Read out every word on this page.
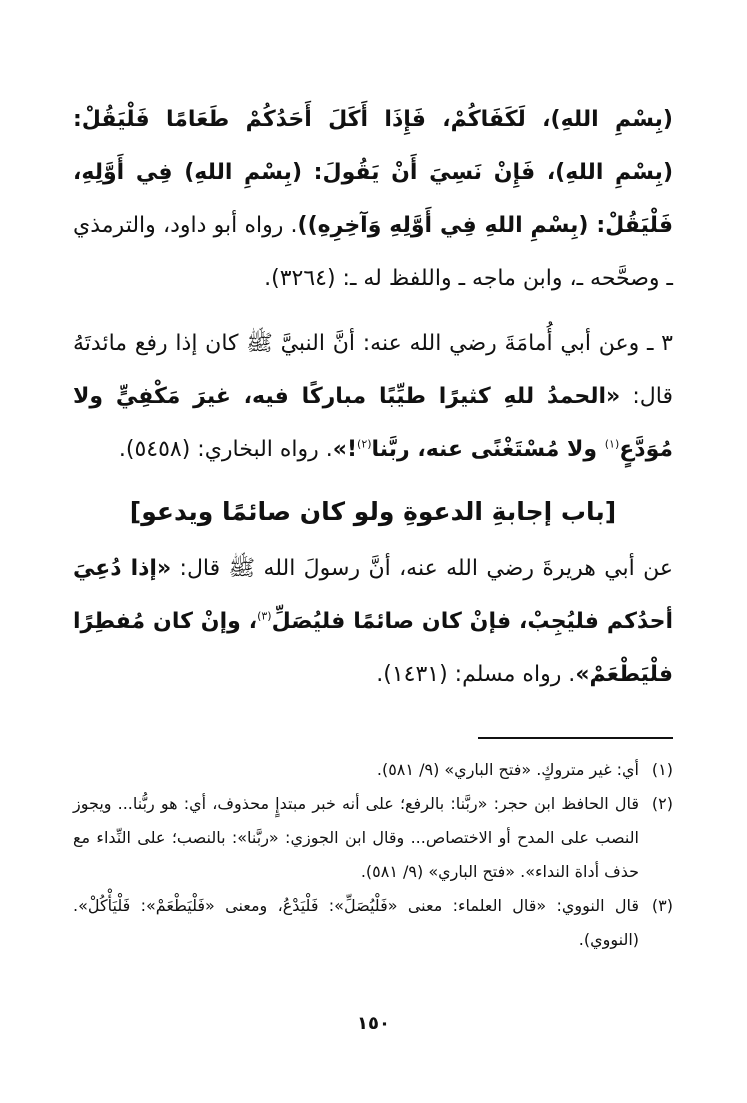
(بِسْمِ اللهِ)، لَكَفَاكُمْ، فَإِذَا أَكَلَ أَحَدُكُمْ طَعَامًا فَلْيَقُلْ: (بِسْمِ اللهِ)، فَإِنْ نَسِيَ أَنْ يَقُولَ: (بِسْمِ اللهِ) فِي أَوَّلِهِ، فَلْيَقُلْ: (بِسْمِ اللهِ فِي أَوَّلِهِ وَآخِرِهِ)). رواه أبو داود، والترمذي ـ وصحَّحه ـ، وابن ماجه ـ واللفظ له ـ: (٣٢٦٤).

٣ ـ وعن أبي أُمامَةَ رضي الله عنه: أنَّ النبيَّ ﷺ كان إذا رفع مائدتَهُ قال: «الحمدُ للهِ كثيرًا طيِّبًا مباركًا فيه، غيرَ مَكْفِيٍّ ولا مُوَدَّعٍ$^{(١)}$ ولا مُسْتَغْنًى عنه، ربَّنا$^{(٢)}$!». رواه البخاري: (٥٤٥٨).

[باب إجابةِ الدعوةِ ولو كان صائمًا ويدعو]

عن أبي هريرةَ رضي الله عنه، أنَّ رسولَ الله ﷺ قال: «إذا دُعِيَ أحدُكم فليُجِبْ، فإنْ كان صائمًا فليُصَلِّ$^{(٣)}$، وإنْ كان مُفطِرًا فلْيَطْعَمْ». رواه مسلم: (١٤٣١).

(١)
أي: غير متروكٍ. «فتح الباري» (٩/ ٥٨١).
(٢)
قال الحافظ ابن حجر: «ربَّنا: بالرفع؛ على أنه خبر مبتدإٍ محذوف، أي: هو ربُّنا... ويجوز النصب على المدح أو الاختصاص... وقال ابن الجوزي: «ربَّنا»: بالنصب؛ على النِّداء مع حذف أداة النداء». «فتح الباري» (٩/ ٥٨١).
(٣)
قال النووي: «قال العلماء: معنى «فَلْيُصَلِّ»: فَلْيَدْعُ، ومعنى «فَلْيَطْعَمْ»: فَلْيَأْكُلْ». (النووي).
١٥٠
